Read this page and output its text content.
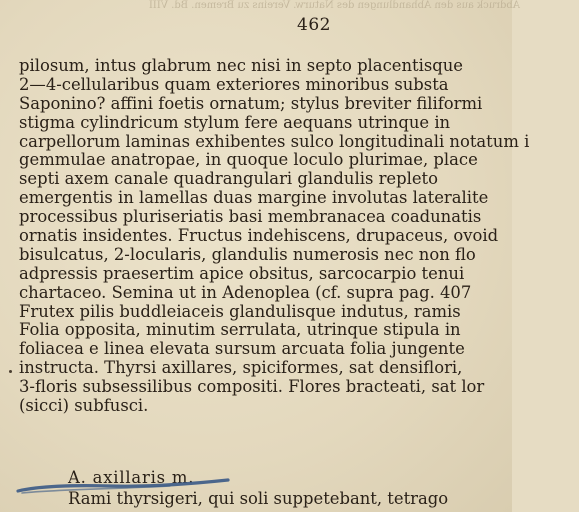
Abdruck aus den Abhandlungen des Naturw. Vereins zu Bremen. Bd. VIII
462
pilosum, intus glabrum nec nisi in septo placentisque
2—4-cellularibus quam exteriores minoribus substa
Saponino? affini foetis ornatum; stylus breviter filiformi
stigma cylindricum stylum fere aequans utrinque in
carpellorum laminas exhibentes sulco longitudinali notatum i
gemmulae anatropae, in quoque loculo plurimae, place
septi axem canale quadrangulari glandulis repleto
emergentis in lamellas duas margine involutas lateralite
processibus pluriseriatis basi membranacea coadunatis
ornatis insidentes. Fructus indehiscens, drupaceus, ovoid
bisulcatus, 2-locularis, glandulis numerosis nec non flo
adpressis praesertim apice obsitus, sarcocarpio tenui
chartaceo. Semina ut in Adenoplea (cf. supra pag. 407
Frutex pilis buddleiaceis glandulisque indutus, ramis
Folia opposita, minutim serrulata, utrinque stipula in
foliacea e linea elevata sursum arcuata folia jungente
instructa. Thyrsi axillares, spiciformes, sat densiflori,
3-floris subsessilibus compositi. Flores bracteati, sat lor
(sicci) subfusci.
A. axillaris m.
Rami thyrsigeri, qui soli suppetebant, tetrago
